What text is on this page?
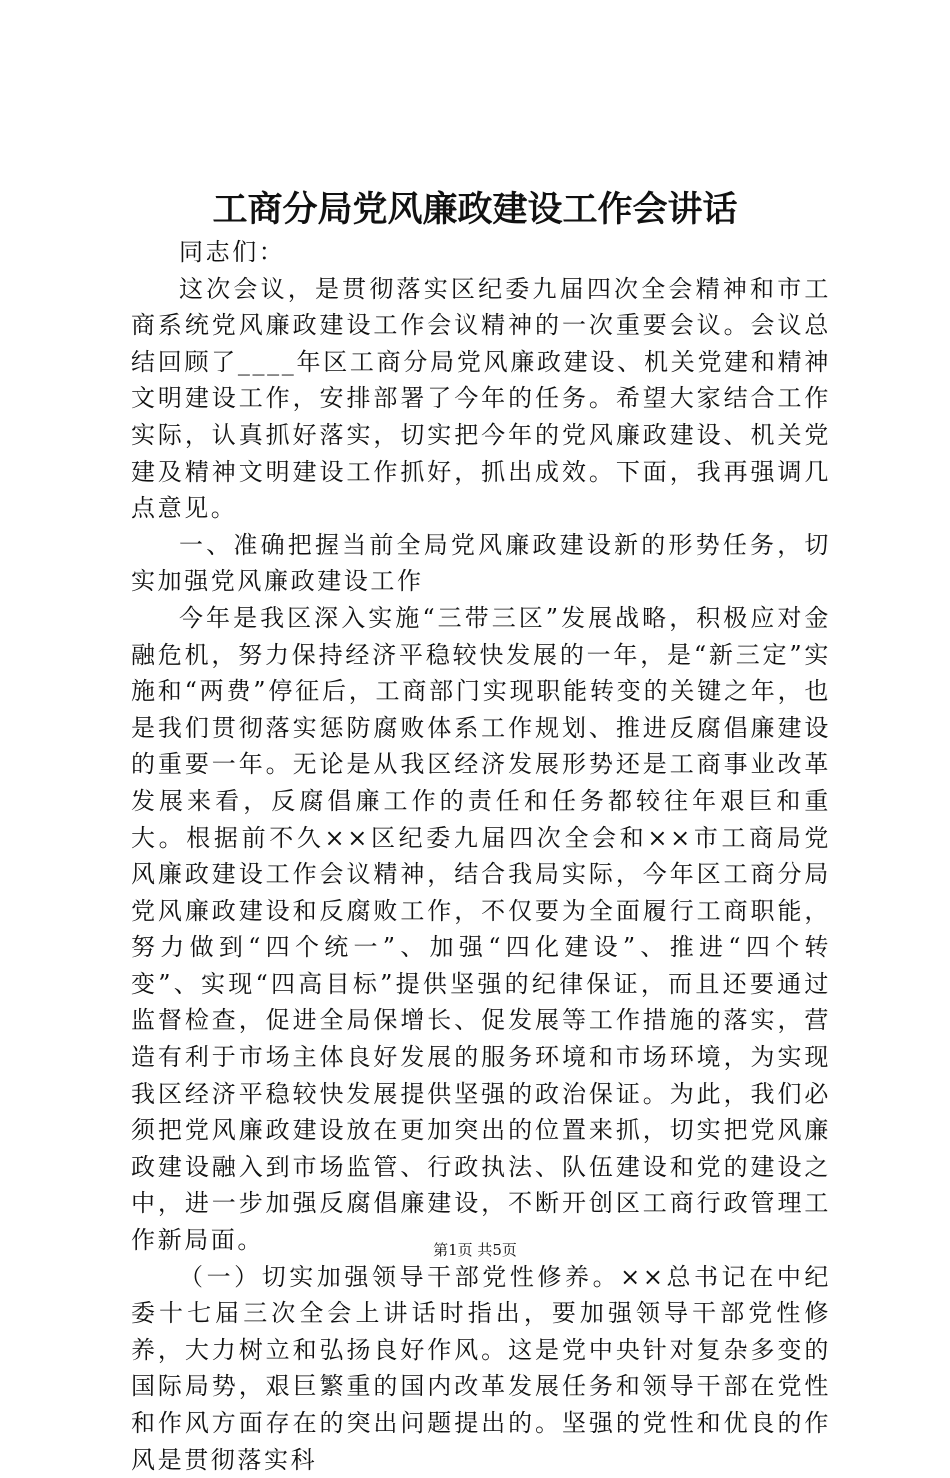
工商分局党风廉政建设工作会讲话

同志们：

这次会议，是贯彻落实区纪委九届四次全会精神和市工商系统党风廉政建设工作会议精神的一次重要会议。会议总结回顾了____年区工商分局党风廉政建设、机关党建和精神文明建设工作，安排部署了今年的任务。希望大家结合工作实际，认真抓好落实，切实把今年的党风廉政建设、机关党建及精神文明建设工作抓好，抓出成效。下面，我再强调几点意见。

一、准确把握当前全局党风廉政建设新的形势任务，切实加强党风廉政建设工作

今年是我区深入实施“三带三区”发展战略，积极应对金融危机，努力保持经济平稳较快发展的一年，是“新三定”实施和“两费”停征后，工商部门实现职能转变的关键之年，也是我们贯彻落实惩防腐败体系工作规划、推进反腐倡廉建设的重要一年。无论是从我区经济发展形势还是工商事业改革发展来看，反腐倡廉工作的责任和任务都较往年艰巨和重大。根据前不久××区纪委九届四次全会和××市工商局党风廉政建设工作会议精神，结合我局实际，今年区工商分局党风廉政建设和反腐败工作，不仅要为全面履行工商职能，努力做到“四个统一”、加强“四化建设”、推进“四个转变”、实现“四高目标”提供坚强的纪律保证，而且还要通过监督检查，促进全局保增长、促发展等工作措施的落实，营造有利于市场主体良好发展的服务环境和市场环境，为实现我区经济平稳较快发展提供坚强的政治保证。为此，我们必须把党风廉政建设放在更加突出的位置来抓，切实把党风廉政建设融入到市场监管、行政执法、队伍建设和党的建设之中，进一步加强反腐倡廉建设，不断开创区工商行政管理工作新局面。

（一）切实加强领导干部党性修养。××总书记在中纪委十七届三次全会上讲话时指出，要加强领导干部党性修养，大力树立和弘扬良好作风。这是党中央针对复杂多变的国际局势，艰巨繁重的国内改革发展任务和领导干部在党性和作风方面存在的突出问题提出的。坚强的党性和优良的作风是贯彻落实科

第1页 共5页
